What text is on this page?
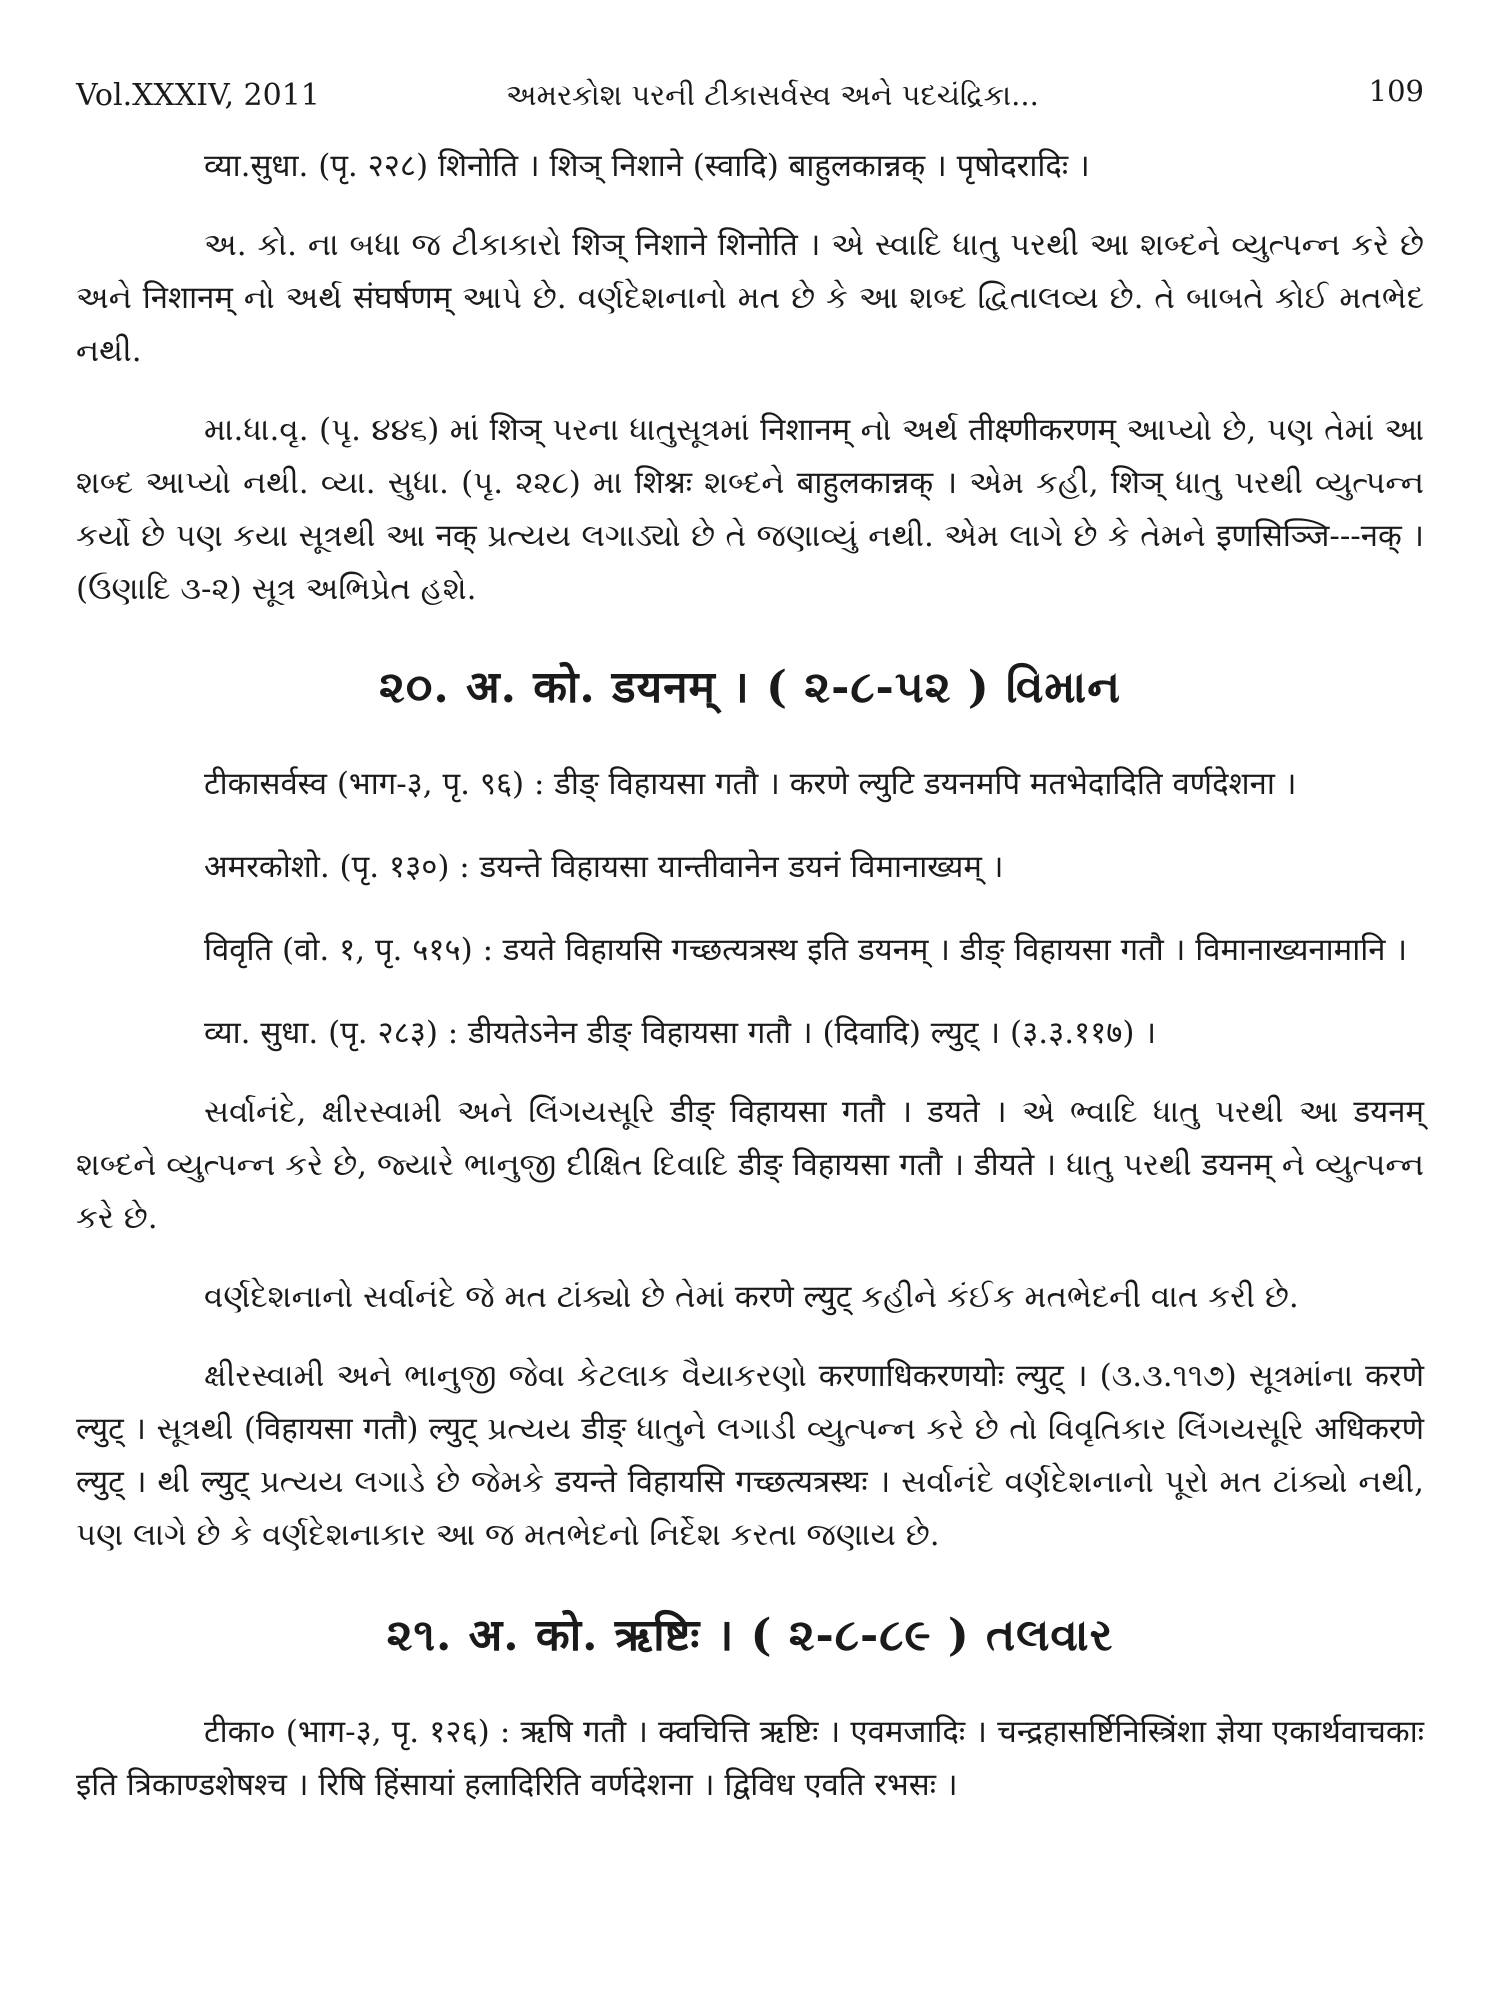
Vol.XXXIV, 2011	અમરકોશ પરની ટીકાસર્વસ્વ અને પદચંદ્રિકા...	109

व्या.सुधा. (पृ. २२८) शिनोति । शिञ् निशाने (स्वादि) बाहुलकान्नक् । पृषोदरादिः ।

અ. કો. ના બધા જ ટીકાકારો शिञ् निशाने शिनोति । એ સ્વાદિ ધાતુ પરથી આ શબ્દને વ્યુત્પન્ન કરે છે અને निशानम् નો અર્થ संघर्षणम् આપે છે. વર્ણદેશનાનો મત છે કે આ શબ્દ દ્વિતાલવ્ય છે. તે બાબતે કોઈ મતભેદ નથી.

મા.ધા.વૃ. (પૃ. ૪૪૬) માં शिञ् પરના ધાતુસૂત્રમાં निशानम् નો અર્થ तीक्ष्णीकरणम् આપ્યો છે, પણ તેમાં આ શબ્દ આપ્યો નથી. વ્યા. સુધા. (પૃ. ૨૨૮) મા शिश्नः શબ્દને बाहुलकान्नक् । એમ કહી, शिञ् ધાતુ પરથી વ્યુત્પન્ન કર્યો છે પણ કયા સૂત્રથી આ नक् પ્રત્યય લગાડ્યો છે તે જણાવ્યું નથી. એમ લાગે છે કે તેમને इणसिञ्जि---नक् । (ઉણાદિ ૩-૨) સૂત્ર અભિપ્રેત હશે.

૨૦. अ. को. डयनम् । ( ૨-૮-૫૨ ) વિમાન

टीकासर्वस्व (भाग-३, पृ. ९६) : डीङ् विहायसा गतौ । करणे ल्युटि डयनमपि मतभेदादिति वर्णदेशना ।

अमरकोशो. (पृ. १३०) : डयन्ते विहायसा यान्तीवानेन डयनं विमानाख्यम् ।

विवृति (वो. १, पृ. ५१५) : डयते विहायसि गच्छत्यत्रस्थ इति डयनम् । डीङ् विहायसा गतौ । विमानाख्यनामानि ।

व्या. सुधा. (पृ. २८३) : डीयतेऽनेन डीङ् विहायसा गतौ । (दिवादि) ल्युट् । (३.३.११७) ।

સર્વાનંદે, ક્ષીરસ્વામી અને લિંગયસૂરિ डीङ् विहायसा गतौ । डयते । એ ભ્વાદિ ધાતુ પરથી આ डयनम् શબ્દને વ્યુત્પન્ન કરે છે, જ્યારે ભાનુજી દીક્ષિત દિવાદિ डीङ् विहायसा गतौ । डीयते । ધાતુ પરથી डयनम् ને વ્યુત્પન્ન કરે છે.

વર્ણદેશનાનો સર્વાનંદે જે મત ટાંક્યો છે તેમાં करणे ल्युट् કહીને કંઈક મતભેદની વાત કરી છે.

ક્ષીરસ્વામી અને ભાનુજી જેવા કેટલાક વૈયાકરણો करणाधिकरणयोः ल्युट् । (૩.૩.૧૧૭) સૂત્રમાંના करणे ल्युट् । સૂત્રથી (विहायसा गतौ) ल्युट् પ્રત્યય डीङ् ધાતુને લગાડી વ્યુત્પન્ન કરે છે તો વિવૃતિકાર લિંગયસૂરિ अधिकरणे ल्युट् । થી ल्युट् પ્રત્યય લગાડે છે જેમકે डयन्ते विहायसि गच्छत्यत्रस्थः । સર્વાનંદે વર્ણદેશનાનો પૂરો મત ટાંક્યો નથી, પણ લાગે છે કે વર્ણદેશનાકાર આ જ મતભેદનો નિર્દેશ કરતા જણાય છે.

૨૧. अ. को. ऋष्टिः । ( ૨-૮-૮૯ ) તલવાર

टीका० (भाग-३, पृ. १२६) : ऋषि गतौ । क्वचित्ति ऋष्टिः । एवमजादिः । चन्द्रहासर्ष्टिनिस्त्रिंशा ज्ञेया एकार्थवाचकाः इति त्रिकाण्डशेषश्च । रिषि हिंसायां हलादिरिति वर्णदेशना । द्विविध एवति रभसः ।
